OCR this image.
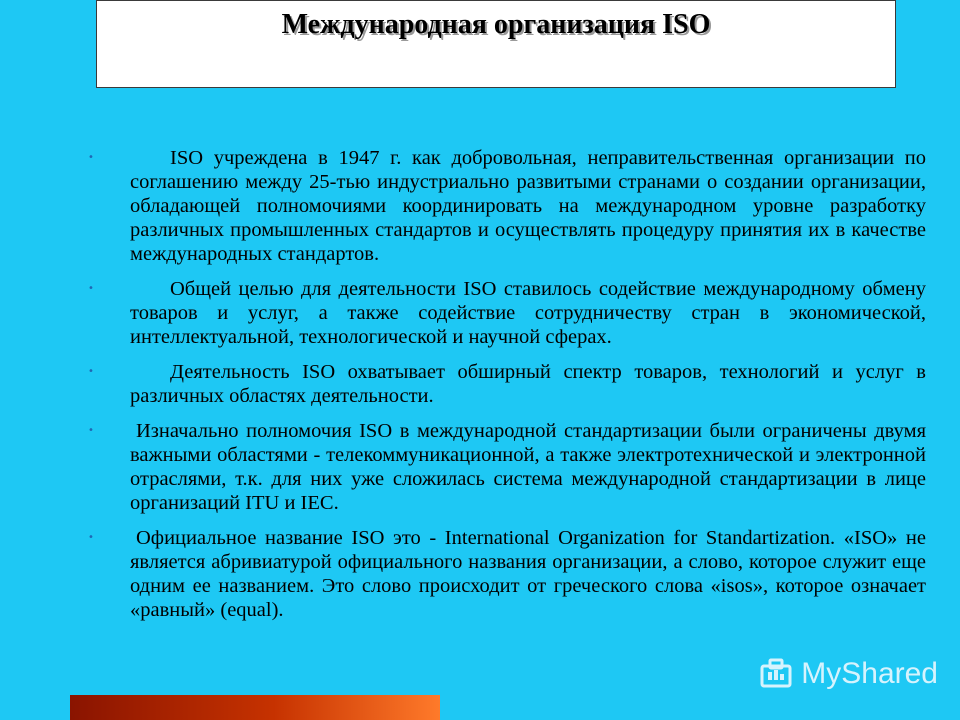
Международная организация ISO

•	ISO учреждена в 1947 г. как добровольная, неправительственная организации по соглашению между 25-тью индустриально развитыми странами о создании организации, обладающей полномочиями координировать на международном уровне разработку различных промышленных стандартов и осуществлять процедуру принятия их в качестве международных стандартов.

•	Общей целью для деятельности ISO ставилось содействие международному обмену товаров и услуг, а также содействие сотрудничеству стран в экономической, интеллектуальной, технологической и научной сферах.

•	Деятельность ISO охватывает обширный спектр товаров, технологий и услуг в различных областях деятельности.

• Изначально полномочия ISO в международной стандартизации были ограничены двумя важными областями - телекоммуникационной, а также электротехнической и электронной отраслями, т.к. для них уже сложилась система международной стандартизации в лице организаций ITU и IEC.

• Официальное название ISO это - International Organization for Standartization. «ISO» не является абривиатурой официального названия организации, а слово, которое служит еще одним ее названием. Это слово происходит от греческого слова «isos», которое означает «равный» (equal).

MyShared
